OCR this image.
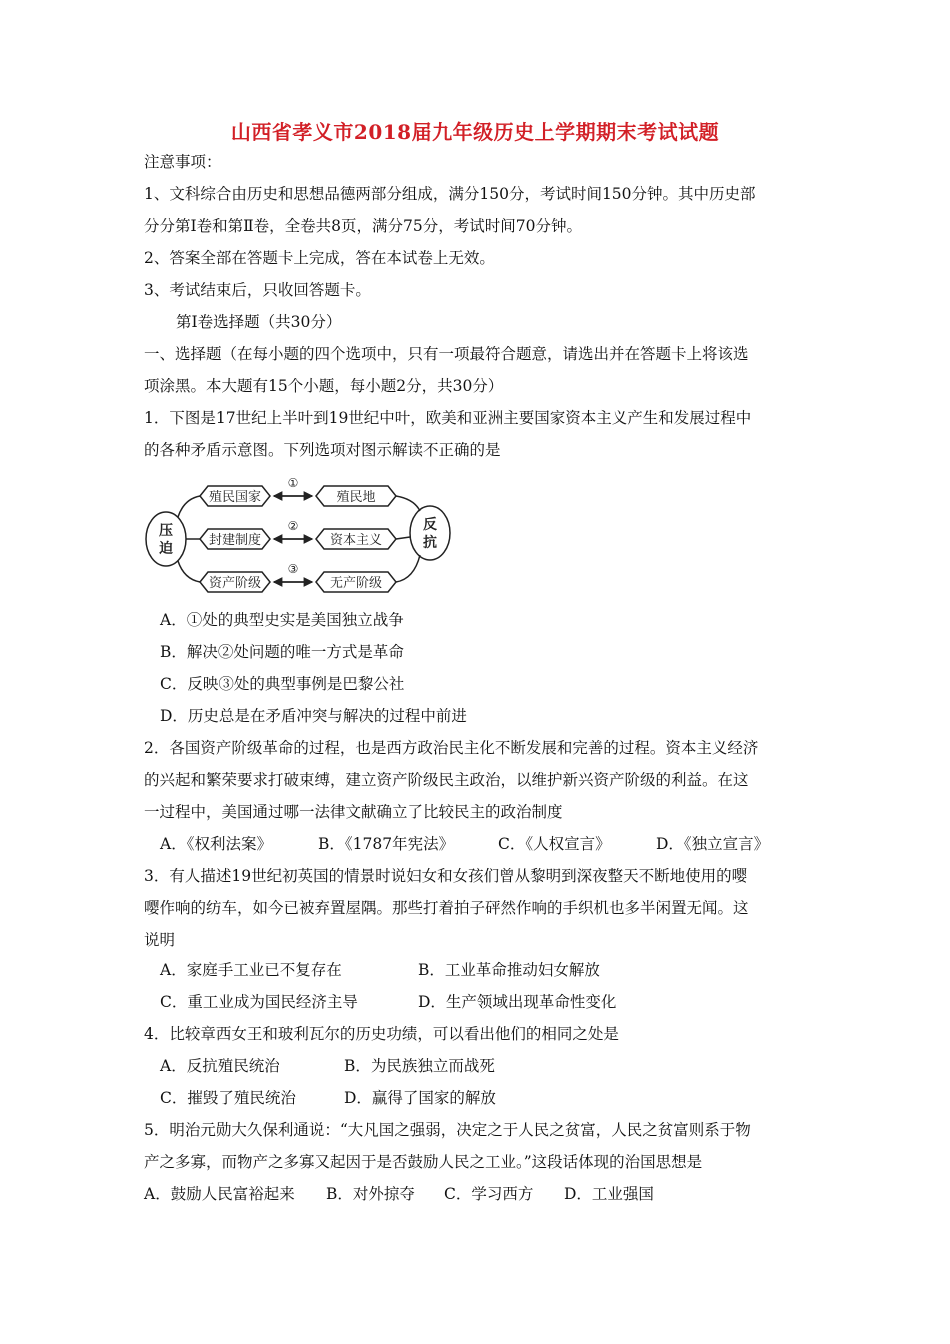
山西省孝义市2018届九年级历史上学期期末考试试题
注意事项：
1、文科综合由历史和思想品德两部分组成，满分150分，考试时间150分钟。其中历史部
分分第Ⅰ卷和第Ⅱ卷，全卷共8页，满分75分，考试时间70分钟。
2、答案全部在答题卡上完成，答在本试卷上无效。
3、考试结束后，只收回答题卡。
第Ⅰ卷选择题（共30分）
一、选择题（在每小题的四个选项中，只有一项最符合题意，请选出并在答题卡上将该选
项涂黑。本大题有15个小题，每小题2分，共30分）
1．下图是17世纪上半叶到19世纪中叶，欧美和亚洲主要国家资本主义产生和发展过程中
的各种矛盾示意图。下列选项对图示解读不正确的是
压
迫
反
抗
殖民国家	殖民地
封建制度	资本主义
资产阶级	无产阶级
①
②
③
A．①处的典型史实是美国独立战争
B．解决②处问题的唯一方式是革命
C．反映③处的典型事例是巴黎公社
D．历史总是在矛盾冲突与解决的过程中前进
2．各国资产阶级革命的过程，也是西方政治民主化不断发展和完善的过程。资本主义经济
的兴起和繁荣要求打破束缚，建立资产阶级民主政治，以维护新兴资产阶级的利益。在这
一过程中，美国通过哪一法律文献确立了比较民主的政治制度
A．《权利法案》	B．《1787年宪法》	C．《人权宣言》	D．《独立宣言》
3．有人描述19世纪初英国的情景时说妇女和女孩们曾从黎明到深夜整天不断地使用的嘤
嘤作响的纺车，如今已被弃置屋隅。那些打着拍子砰然作响的手织机也多半闲置无闻。这
说明
A．家庭手工业已不复存在	B．工业革命推动妇女解放
C．重工业成为国民经济主导	D．生产领域出现革命性变化
4．比较章西女王和玻利瓦尔的历史功绩，可以看出他们的相同之处是
A．反抗殖民统治	B．为民族独立而战死
C．摧毁了殖民统治	D．赢得了国家的解放
5．明治元勋大久保利通说：“大凡国之强弱，决定之于人民之贫富，人民之贫富则系于物
产之多寡，而物产之多寡又起因于是否鼓励人民之工业。”这段话体现的治国思想是
A．鼓励人民富裕起来 B．对外掠夺 C．学习西方 D．工业强国
